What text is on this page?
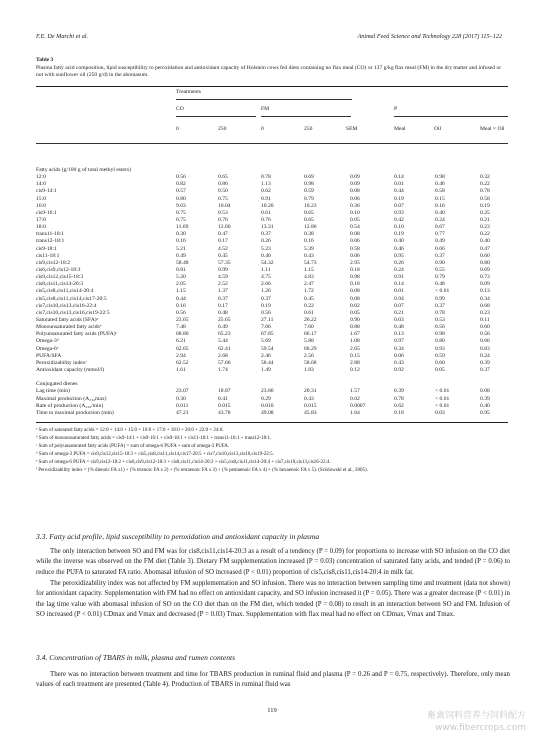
F.E. De Marchi et al.	Animal Feed Science and Technology 228 (2017) 115–122
Table 3
Plasma fatty acid composition, lipid susceptibility to peroxidation and antioxidant capacity of Holstein cows fed diets containing no flax meal (CO) or 137 g/kg flax meal (FM) in the dry matter and infused or not with sunflower oil (250 g/d) in the abomasum.
Treatments
CO	FM	P
0	250	0	250	SEM	Meal	Oil	Meal × Oil
Fatty acids (g/100 g of total methyl esters)
12:0	0.56	0.65	0.78	0.69	0.09	0.14	0.98	0.32
14:0	0.82	0.86	1.13	0.98	0.09	0.01	0.46	0.22
cis9-14:1	0.57	0.50	0.62	0.59	0.08	0.44	0.58	0.78
15:0	0.80	0.75	0.91	0.79	0.06	0.19	0.15	0.58
16:0	9.03	10.04	10.20	10.23	0.36	0.07	0.16	0.19
cis9-16:1	0.75	0.53	0.61	0.65	0.10	0.93	0.40	0.25
17:0	0.75	0.76	0.76	0.65	0.05	0.42	0.24	0.21
18:0	11.69	12.60	13.31	12.86	0.54	0.10	0.67	0.23
trans11-18:1	0.30	0.47	0.37	0.38	0.08	0.19	0.77	0.22
trans12-18:1	0.16	0.17	0.26	0.16	0.06	0.40	0.49	0.40
cis9-18:1	5.21	4.52	5.23	5.39	0.58	0.46	0.66	0.47
cis11-18:1	0.49	0.45	0.40	0.43	0.06	0.95	0.37	0.60
cis9,cis12-18:2	58.48	57.35	54.32	54.73	2.95	0.26	0.90	0.80
cis6,cis9,cis12-18:3	0.81	0.99	1.11	1.15	0.18	0.24	0.55	0.69
cis9,cis12,cis15-18:3	5.20	4.59	4.75	4.83	0.98	0.91	0.79	0.73
cis8,cis11,cis14-20:3	2.05	2.52	2.66	2.47	0.18	0.14	0.48	0.09
cis5,cis8,cis11,cis14-20:4	1.15	1.37	1.26	1.72	0.08	0.01	< 0.01	0.13
cis5,cis8,cis11,cis14,cis17-20:5	0.44	0.37	0.37	0.45	0.08	0.94	0.99	0.34
cis7,cis10,cis13,cis16-22:4	0.16	0.17	0.19	0.22	0.02	0.07	0.37	0.68
cis7,cis10,cis13,cis16,cis19-22:5	0.56	0.48	0.56	0.61	0.05	0.21	0.78	0.23
Saturated fatty acids (SFA)ᵃ	23.65	25.65	27.11	26.22	0.90	0.03	0.53	0.11
Monounsaturated fatty acidsᵇ	7.48	6.49	7.66	7.60	0.88	0.48	0.56	0.60
Polyunsaturated fatty acids (PUFA)ᶜ	68.86	65.23	67.85	66.17	1.67	0.13	0.98	0.56
Omega-3ᵈ	6.21	5.44	5.69	5.88	1.08	0.97	0.80	0.66
Omega-6ᵉ	62.65	62.41	59.54	60.29	2.65	0.34	0.93	0.83
PUFA/SFA	2.94	2.68	2.46	2.56	0.15	0.06	0.59	0.24
Peroxidizability indexᶠ	62.52	57.66	58.44	58.68	2.88	0.43	0.60	0.39
Antioxidant capacity (mmol/l)	1.61	1.74	1.49	1.83	0.12	0.92	0.05	0.37
Conjugated dienes
Lag time (min)	23.07	18.87	23.86	20.31	1.57	0.39	< 0.01	0.08
Maximal production (A₂₃₄max)	0.30	0.41	0.29	0.43	0.02	0.78	< 0.01	0.39
Rate of production (A₂₃₄/min)	0.011	0.015	0.010	0.015	0.0007	0.62	< 0.01	0.40
Time to maximal production (min)	47.21	43.78	49.08	45.83	1.64	0.18	0.03	0.95
ᵃ Sum of saturated fatty acids = 12:0 + 14:0 + 15:0 + 16:0 + 17:0 + 18:0 + 20:0 + 22:0 + 24:0.
ᵇ Sum of monounsaturated fatty acids = cis9-14:1 + cis9-16:1 + cis9-18:1 + cis11-18:1 + trans11-18:1 + trans12-18:1.
ᶜ Sum of polyunsaturated fatty acids (PUFA) = sum of omega-6 PUFA + sum of omega-3 PUFA.
ᵈ Sum of omega-3 PUFA = cis9,cis12,cis15-18:3 + cis5,cis8,cis11,cis14,cis17-20:5 + cis7,cis10,cis13,cis16,cis19-22:5.
ᵉ Sum of omega-6 PUFA = cis9,cis12-18:2 + cis6,cis9,cis12-18:3 + cis8,cis11,cis14-20:3 + cis5,cis8,cis11,cis14-20:4 + cis7,cis10,cis13,cis16-22:4.
ᶠ Peroxidizability index = (% dienoic FA x1) + (% trienoic FA x 2) + (% tetraenoic FA x 3) + (% pentaenoic FA x 4) + (% hexaenoic FA x 5). (Scislowski et al., 2005).
3.3. Fatty acid profile, lipid susceptibility to peroxidation and antioxidant capacity in plasma
The only interaction between SO and FM was for cis8,cis11,cis14-20:3 as a result of a tendency (P = 0.09) for proportions to increase with SO infusion on the CO diet while the inverse was observed on the FM diet (Table 3). Dietary FM supplementation increased (P = 0.03) concentration of saturated fatty acids, and tended (P = 0.06) to reduce the PUFA to saturated FA ratio. Abomasal infusion of SO increased (P < 0.01) proportion of cis5,cis8,cis11,cis14-20:4 in milk fat.
The peroxidizability index was not affected by FM supplementation and SO infusion. There was no interaction between sampling time and treatment (data not shown) for antioxidant capacity. Supplementation with FM had no effect on antioxidant capacity, and SO infusion increased it (P = 0.05). There was a greater decrease (P < 0.01) in the lag time value with abomasal infusion of SO on the CO diet than on the FM diet, which tended (P = 0.08) to result in an interaction between SO and FM. Infusion of SO increased (P < 0.01) CDmax and Vmax and decreased (P = 0.03) Tmax. Supplementation with flax meal had no effect on CDmax, Vmax and Tmax.
3.4. Concentration of TBARS in milk, plasma and rumen contents
There was no interaction between treatment and time for TBARS production in ruminal fluid and plasma (P = 0.26 and P = 0.75, respectively). Therefore, only mean values of each treatment are presented (Table 4). Production of TBARS in ruminal fluid was
119
畜禽饲料营养与饲料配方
www.fibercrops.com
